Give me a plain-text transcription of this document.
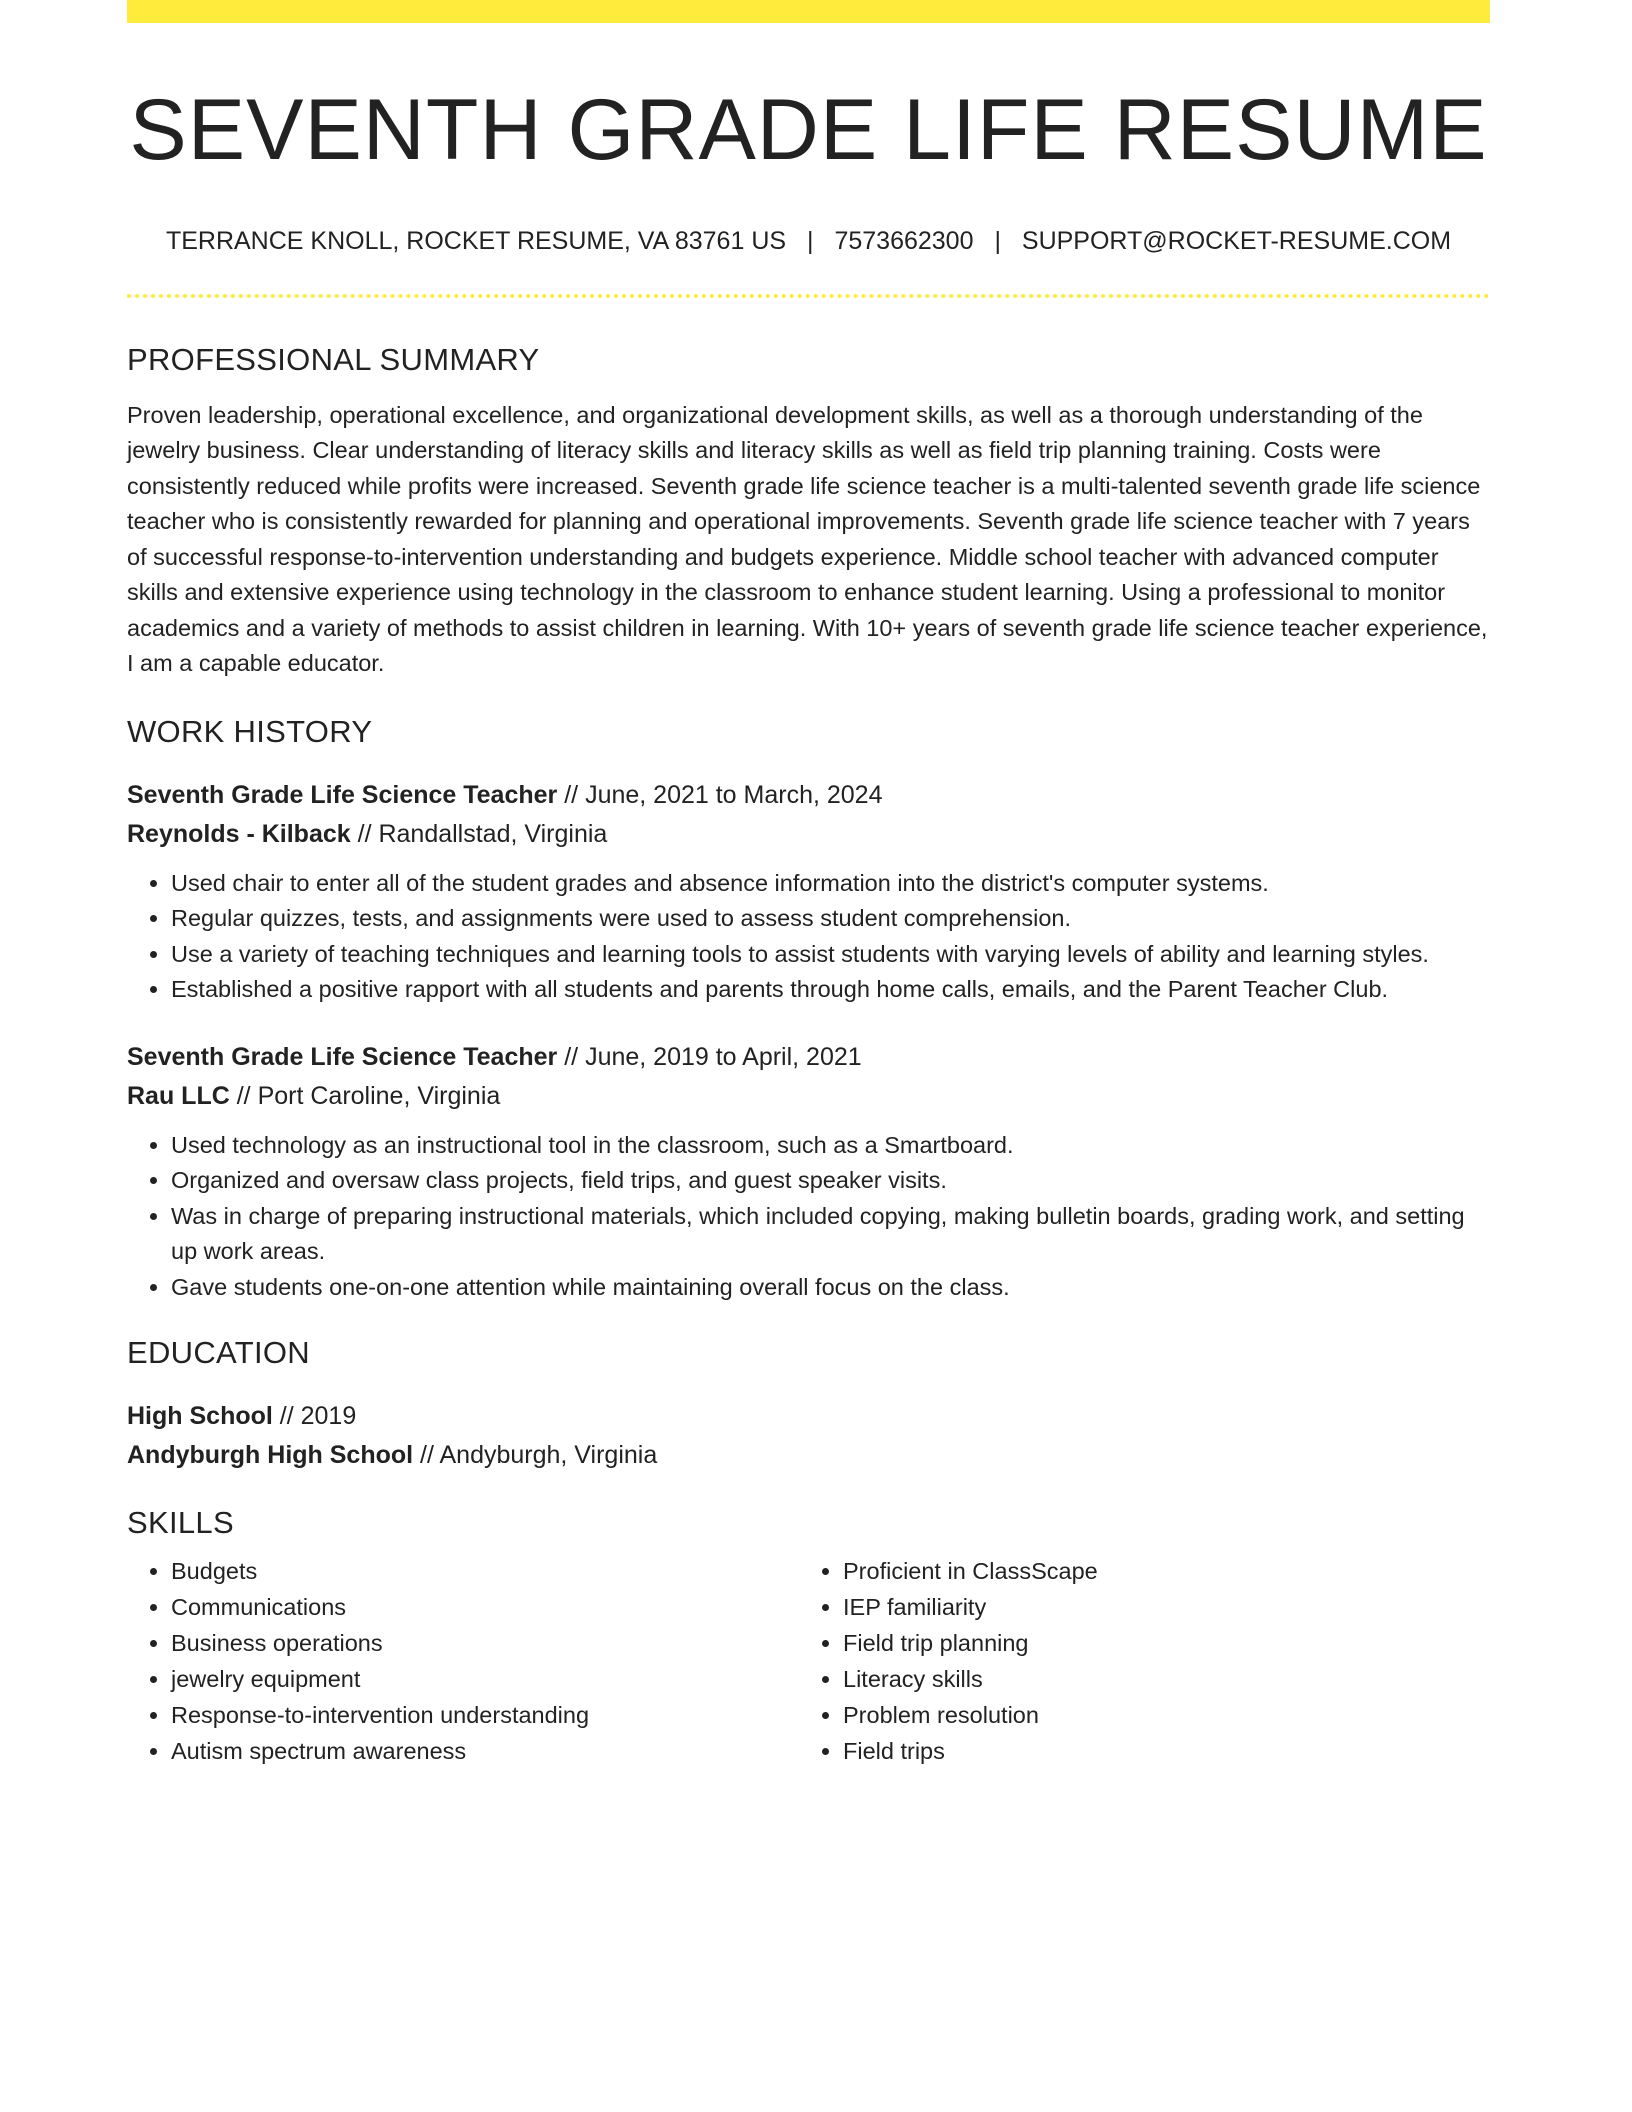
SEVENTH GRADE LIFE RESUME
TERRANCE KNOLL, ROCKET RESUME, VA 83761 US | 7573662300 | SUPPORT@ROCKET-RESUME.COM
PROFESSIONAL SUMMARY

Proven leadership, operational excellence, and organizational development skills, as well as a thorough understanding of the jewelry business. Clear understanding of literacy skills and literacy skills as well as field trip planning training. Costs were consistently reduced while profits were increased. Seventh grade life science teacher is a multi-talented seventh grade life science teacher who is consistently rewarded for planning and operational improvements. Seventh grade life science teacher with 7 years of successful response-to-intervention understanding and budgets experience. Middle school teacher with advanced computer skills and extensive experience using technology in the classroom to enhance student learning. Using a professional to monitor academics and a variety of methods to assist children in learning. With 10+ years of seventh grade life science teacher experience, I am a capable educator.

WORK HISTORY
Seventh Grade Life Science Teacher // June, 2021 to March, 2024
Reynolds - Kilback // Randallstad, Virginia
• Used chair to enter all of the student grades and absence information into the district's computer systems.
• Regular quizzes, tests, and assignments were used to assess student comprehension.
• Use a variety of teaching techniques and learning tools to assist students with varying levels of ability and learning styles.
• Established a positive rapport with all students and parents through home calls, emails, and the Parent Teacher Club.
Seventh Grade Life Science Teacher // June, 2019 to April, 2021
Rau LLC // Port Caroline, Virginia
• Used technology as an instructional tool in the classroom, such as a Smartboard.
• Organized and oversaw class projects, field trips, and guest speaker visits.
• Was in charge of preparing instructional materials, which included copying, making bulletin boards, grading work, and setting up work areas.
• Gave students one-on-one attention while maintaining overall focus on the class.
EDUCATION
High School // 2019
Andyburgh High School // Andyburgh, Virginia
SKILLS
• Budgets
• Communications
• Business operations
• jewelry equipment
• Response-to-intervention understanding
• Autism spectrum awareness
• Proficient in ClassScape
• IEP familiarity
• Field trip planning
• Literacy skills
• Problem resolution
• Field trips
